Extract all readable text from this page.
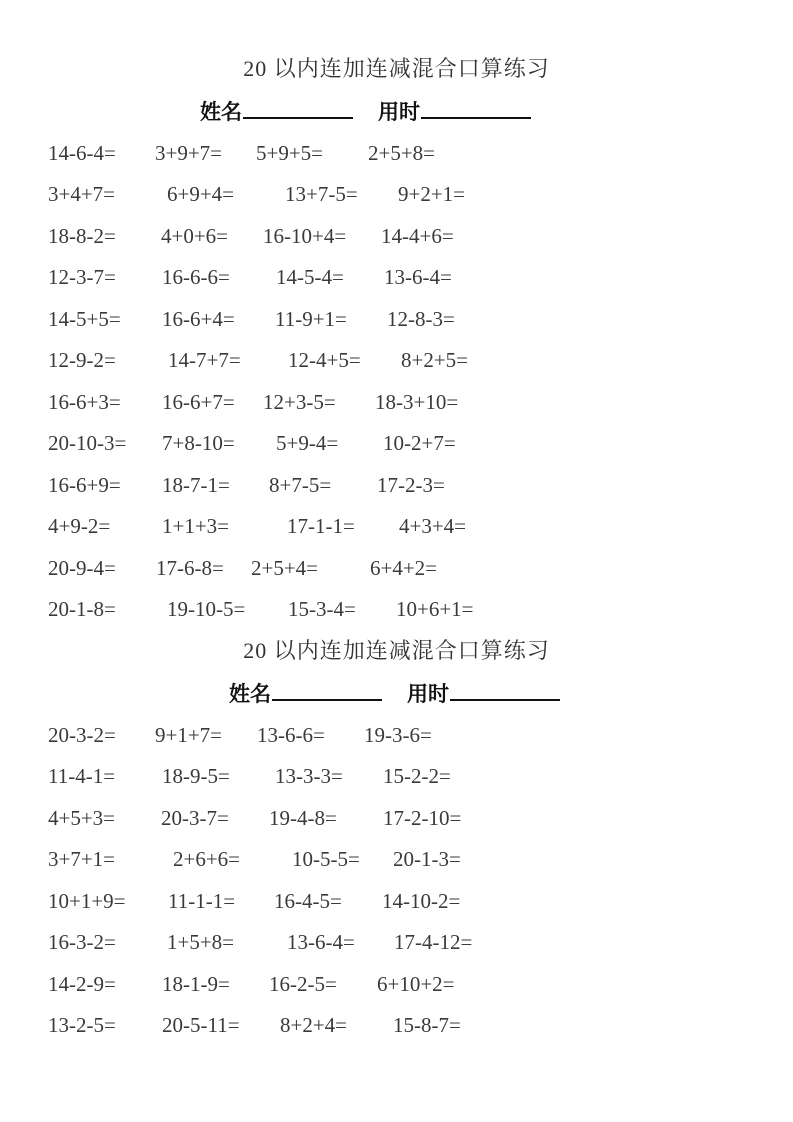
20 以内连加连减混合口算练习
姓名	用时
14-6-4= 3+9+7= 5+9+5= 2+5+8=
3+4+7= 6+9+4= 13+7-5= 9+2+1=
18-8-2= 4+0+6= 16-10+4= 14-4+6=
12-3-7= 16-6-6= 14-5-4= 13-6-4=
14-5+5= 16-6+4= 11-9+1= 12-8-3=
12-9-2= 14-7+7= 12-4+5= 8+2+5=
16-6+3= 16-6+7= 12+3-5= 18-3+10=
20-10-3= 7+8-10= 5+9-4= 10-2+7=
16-6+9= 18-7-1= 8+7-5= 17-2-3=
4+9-2= 1+1+3=	17-1-1= 4+3+4=
20-9-4= 17-6-8= 2+5+4= 6+4+2=
20-1-8= 19-10-5= 15-3-4= 10+6+1=
20 以内连加连减混合口算练习
姓名	用时
20-3-2= 9+1+7= 13-6-6= 19-3-6=
11-4-1= 18-9-5= 13-3-3= 15-2-2=
4+5+3= 20-3-7= 19-4-8= 17-2-10=
3+7+1=	2+6+6= 10-5-5= 20-1-3=
10+1+9= 11-1-1= 16-4-5= 14-10-2=
16-3-2= 1+5+8=	13-6-4= 17-4-12=
14-2-9= 18-1-9= 16-2-5= 6+10+2=
13-2-5= 20-5-11= 8+2+4= 15-8-7=
